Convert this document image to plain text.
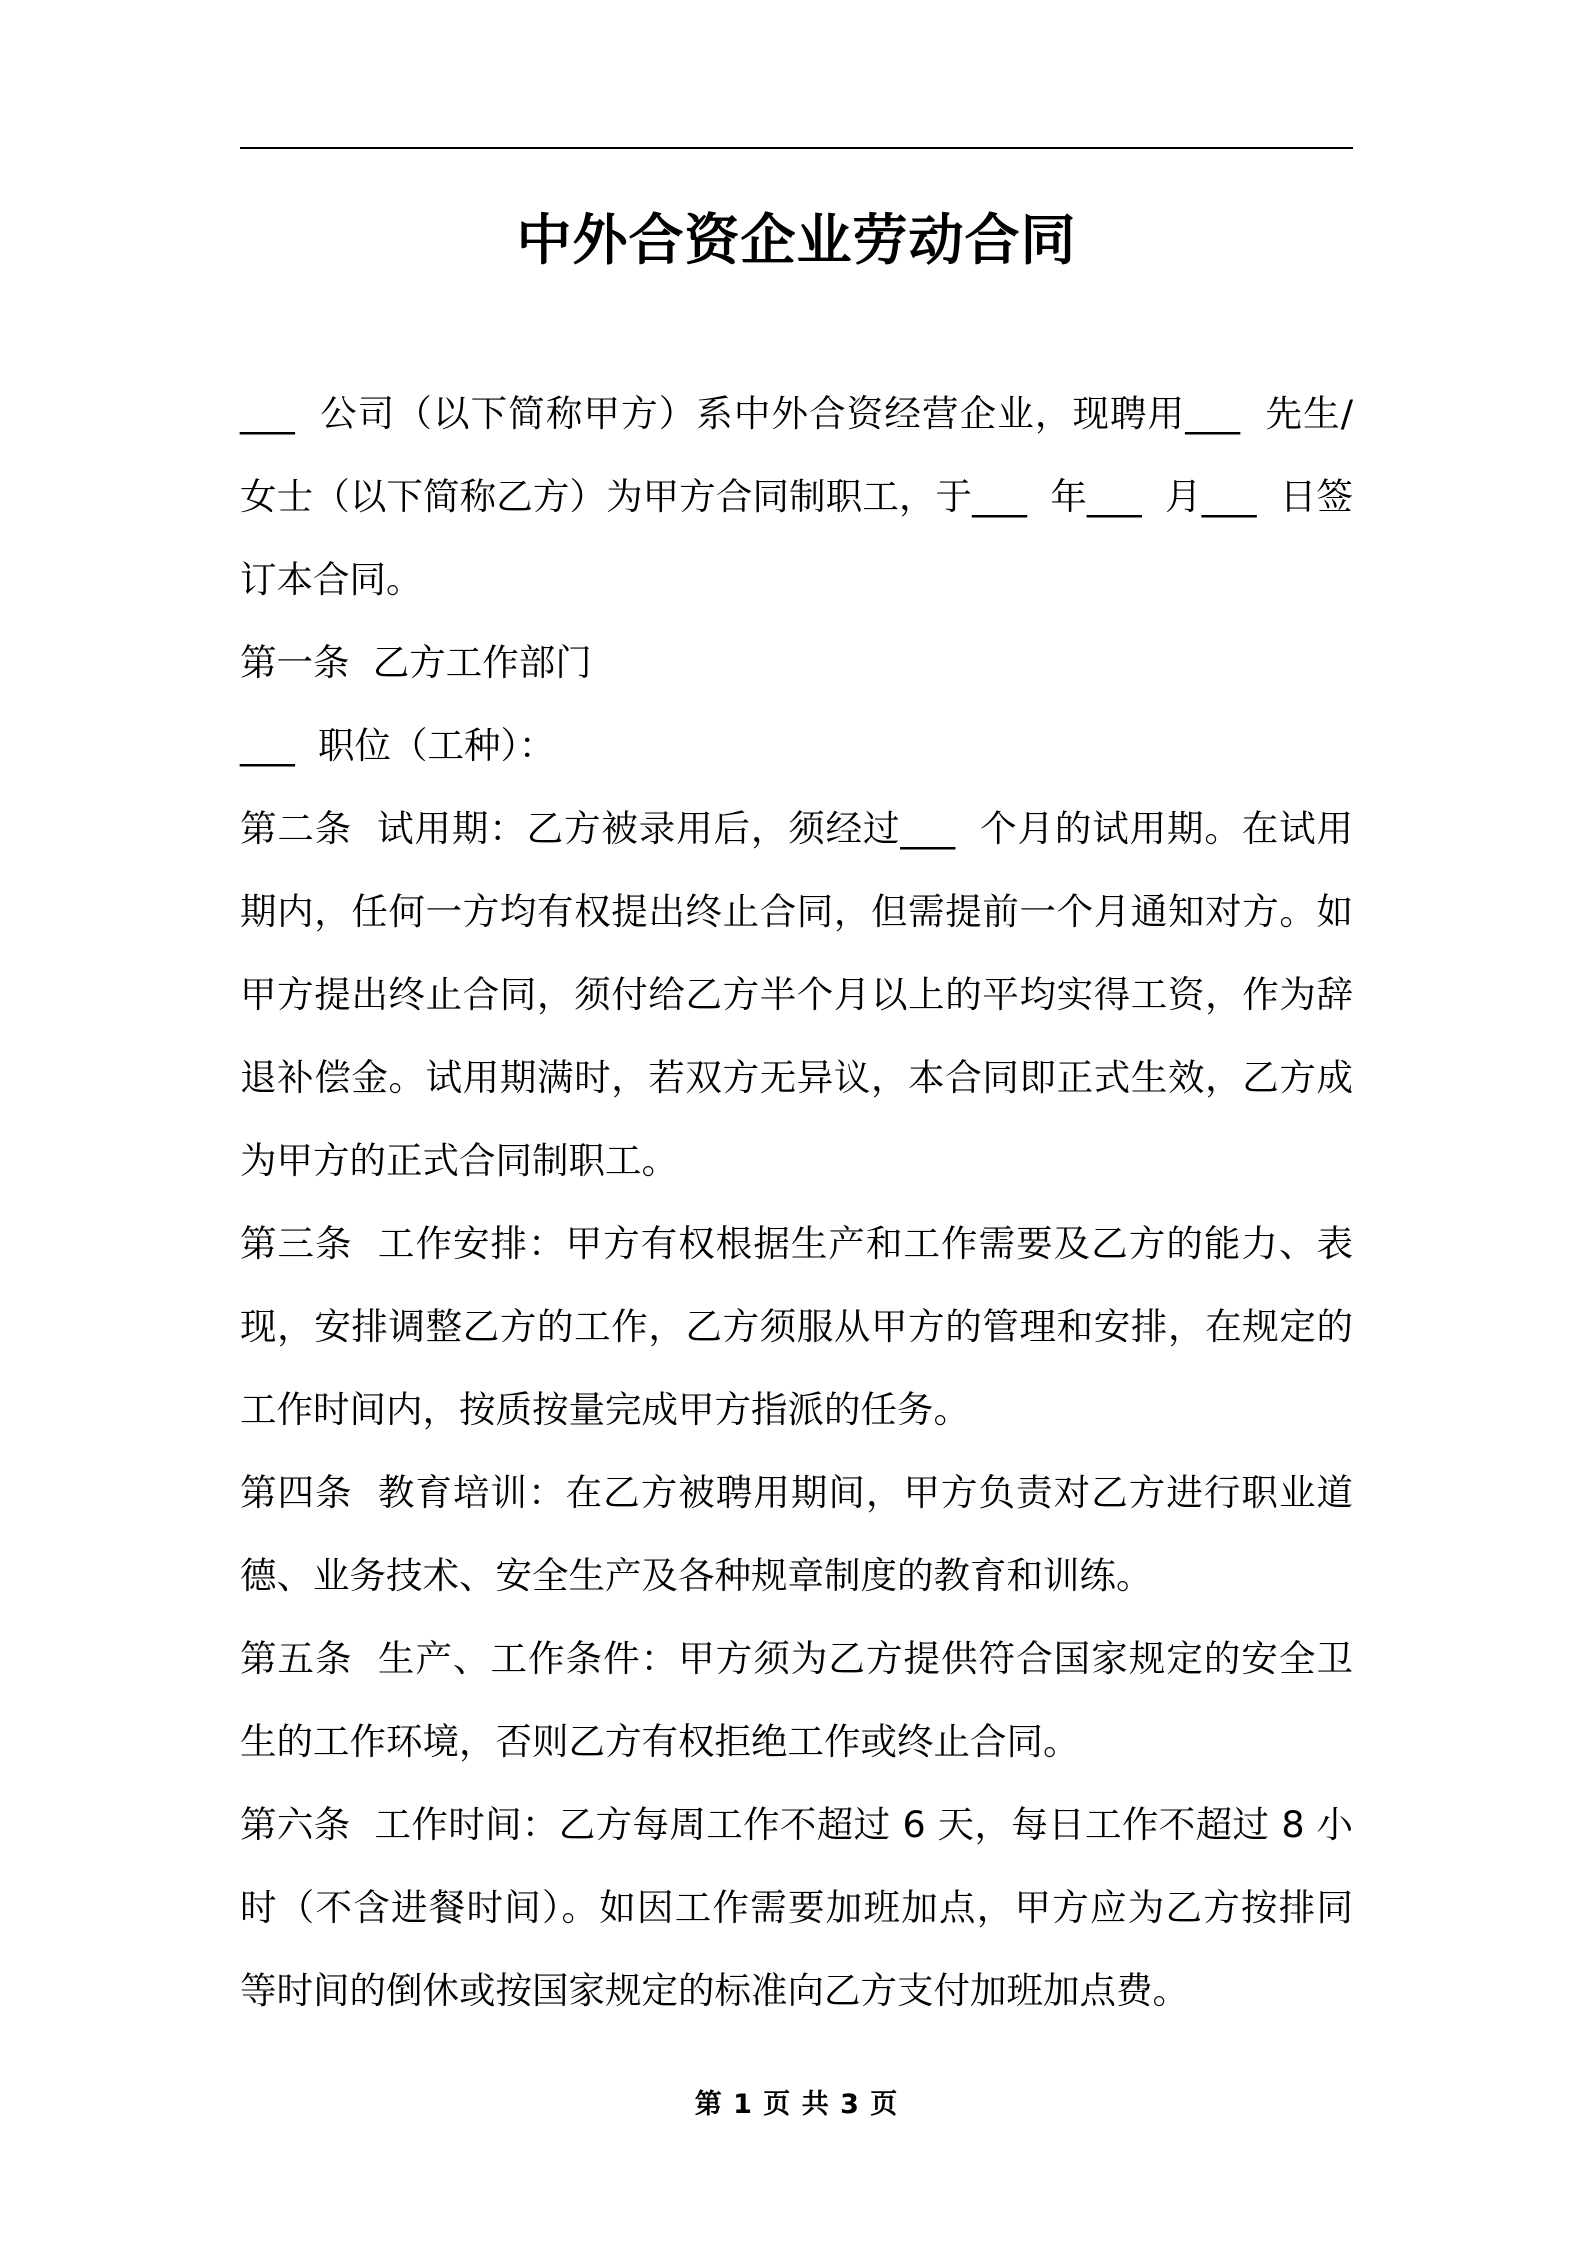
中外合资企业劳动合同

___  公司（以下简称甲方）系中外合资经营企业，现聘用___  先生/女士（以下简称乙方）为甲方合同制职工，于___  年___  月___  日签订本合同。

第一条  乙方工作部门

___  职位（工种）：

第二条  试用期：乙方被录用后，须经过___  个月的试用期。在试用期内，任何一方均有权提出终止合同，但需提前一个月通知对方。如甲方提出终止合同，须付给乙方半个月以上的平均实得工资，作为辞退补偿金。试用期满时，若双方无异议，本合同即正式生效，乙方成为甲方的正式合同制职工。

第三条  工作安排：甲方有权根据生产和工作需要及乙方的能力、表现，安排调整乙方的工作，乙方须服从甲方的管理和安排，在规定的工作时间内，按质按量完成甲方指派的任务。

第四条  教育培训：在乙方被聘用期间，甲方负责对乙方进行职业道德、业务技术、安全生产及各种规章制度的教育和训练。

第五条  生产、工作条件：甲方须为乙方提供符合国家规定的安全卫生的工作环境，否则乙方有权拒绝工作或终止合同。

第六条  工作时间：乙方每周工作不超过 6 天，每日工作不超过 8 小时（不含进餐时间）。如因工作需要加班加点，甲方应为乙方按排同等时间的倒休或按国家规定的标准向乙方支付加班加点费。

第 1 页 共 3 页
